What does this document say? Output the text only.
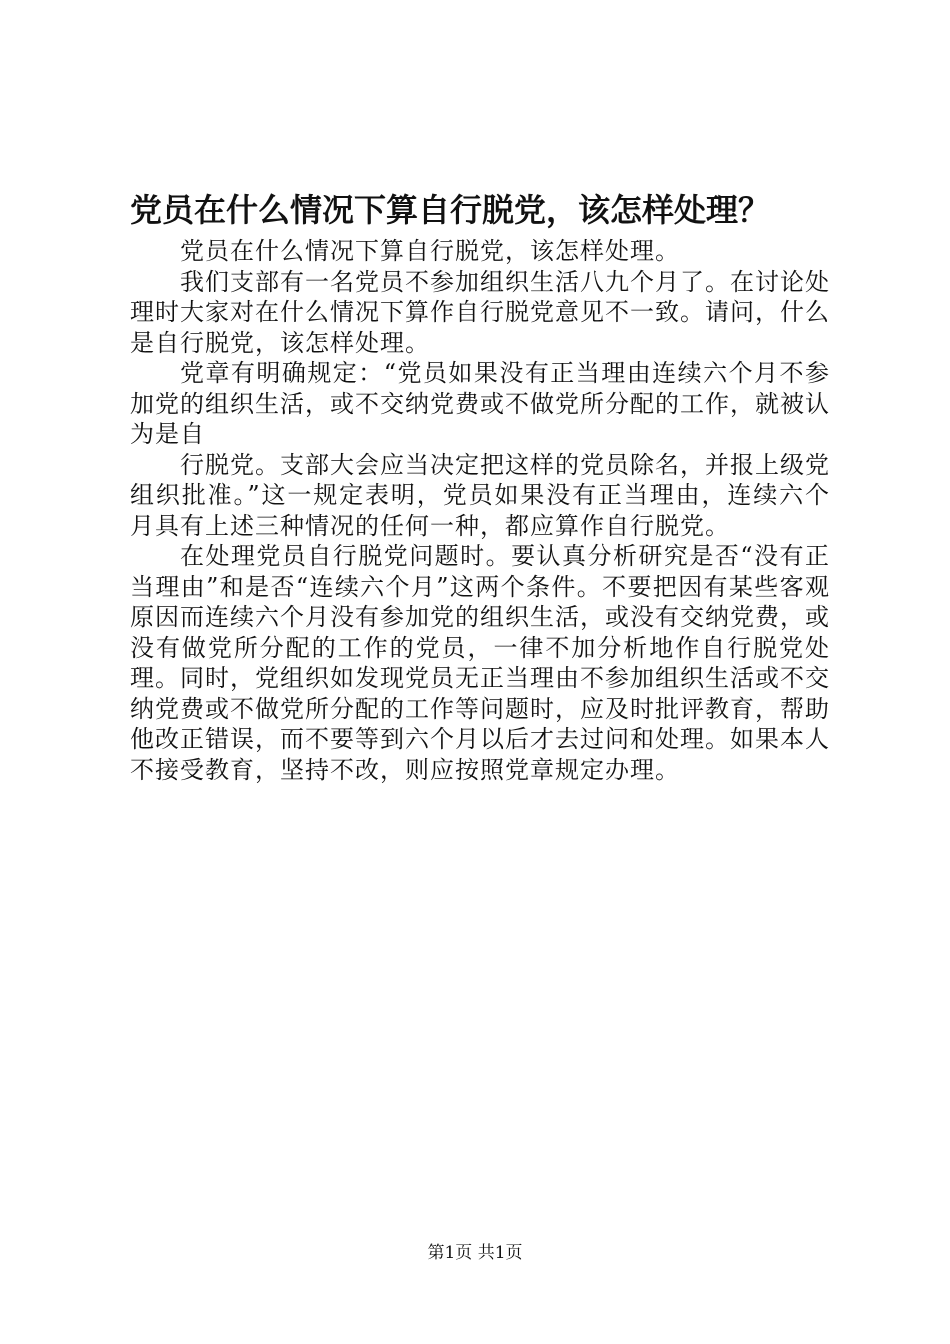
党员在什么情况下算自行脱党，该怎样处理？

党员在什么情况下算自行脱党，该怎样处理。

我们支部有一名党员不参加组织生活八九个月了。在讨论处理时大家对在什么情况下算作自行脱党意见不一致。请问，什么是自行脱党，该怎样处理。

党章有明确规定：“党员如果没有正当理由连续六个月不参加党的组织生活，或不交纳党费或不做党所分配的工作，就被认为是自

行脱党。支部大会应当决定把这样的党员除名，并报上级党组织批准。”这一规定表明，党员如果没有正当理由，连续六个月具有上述三种情况的任何一种，都应算作自行脱党。

在处理党员自行脱党问题时。要认真分析研究是否“没有正当理由”和是否“连续六个月”这两个条件。不要把因有某些客观原因而连续六个月没有参加党的组织生活，或没有交纳党费，或没有做党所分配的工作的党员，一律不加分析地作自行脱党处理。同时，党组织如发现党员无正当理由不参加组织生活或不交纳党费或不做党所分配的工作等问题时，应及时批评教育，帮助他改正错误，而不要等到六个月以后才去过问和处理。如果本人不接受教育，坚持不改，则应按照党章规定办理。

第1页 共1页
